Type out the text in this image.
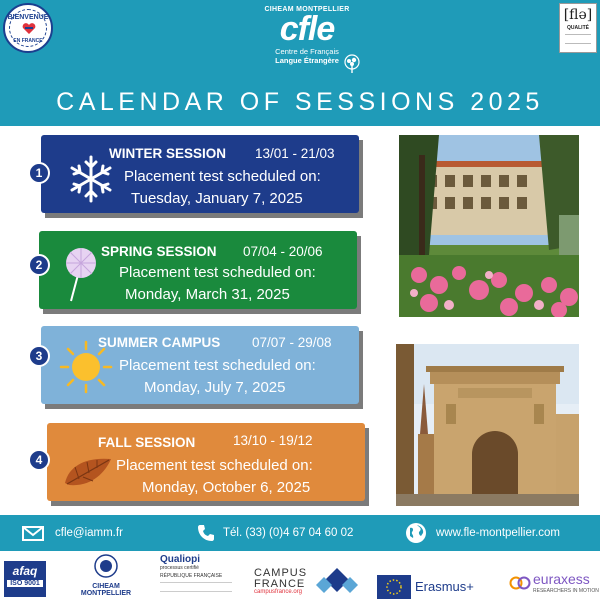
BIENVENUE
EN FRANCE
CIHEAM MONTPELLIER
cfle
Centre de Français
Langue Étrangère
[flə]
QUALITÉ
CALENDAR OF SESSIONS 2025
WINTER SESSION 13/01 - 21/03
Placement test scheduled on:
Tuesday, January 7, 2025
1
SPRING SESSION 07/04 - 20/06
Placement test scheduled on:
Monday, March 31, 2025
2
SUMMER CAMPUS 07/07 - 29/08
Placement test scheduled on:
Monday, July 7, 2025
3
FALL SESSION	13/10 - 19/12
Placement test scheduled on:
Monday, October 6, 2025
4
cfle@iamm.fr	Tél. (33) (0)4 67 04 60 02	www.fle-montpellier.com
afaq
ISO 9001	CIHEAM
MONTPELLIER
Qualiopi
processus certifié
RÉPUBLIQUE FRANÇAISE	CAMPUS
FRANCE
campusfrance.org	Erasmus+	euraxess
RESEARCHERS IN MOTION
